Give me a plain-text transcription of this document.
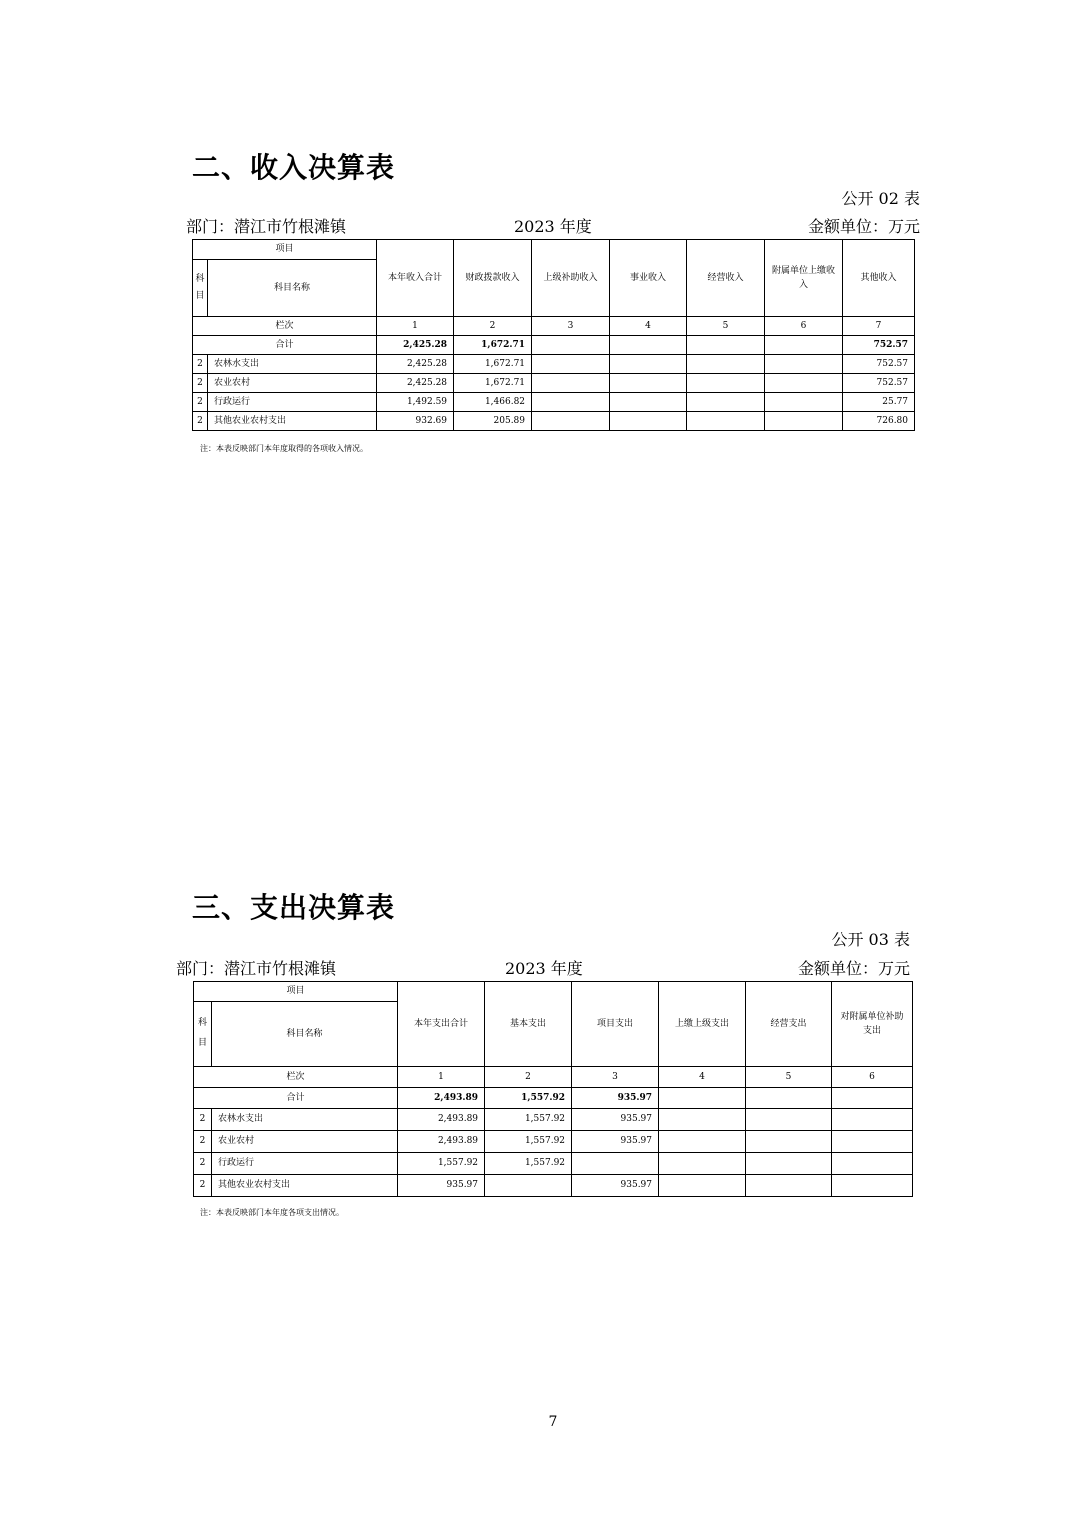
二、收入决算表
公开 02 表
部门：潜江市竹根滩镇	2023 年度	金额单位：万元
项目		本年收入合计	财政拨款收入	上级补助收入	事业收入	经营收入	附属单位上缴收入	其他收入
科目	科目名称							
栏次		1	2	3	4	5	6	7
合计		2,425.28	1,672.71					752.57
2	农林水支出	2,425.28	1,672.71					752.57
2	农业农村	2,425.28	1,672.71					752.57
2	行政运行	1,492.59	1,466.82					25.77
2	其他农业农村支出	932.69	205.89					726.80
注：本表反映部门本年度取得的各项收入情况。
三、支出决算表
公开 03 表
部门：潜江市竹根滩镇	2023 年度	金额单位：万元
项目		本年支出合计	基本支出	项目支出	上缴上级支出	经营支出	对附属单位补助支出
科目	科目名称						
栏次		1	2	3	4	5	6
合计		2,493.89	1,557.92	935.97			
2	农林水支出	2,493.89	1,557.92	935.97			
2	农业农村	2,493.89	1,557.92	935.97			
2	行政运行	1,557.92	1,557.92				
2	其他农业农村支出	935.97		935.97			
注：本表反映部门本年度各项支出情况。
7
